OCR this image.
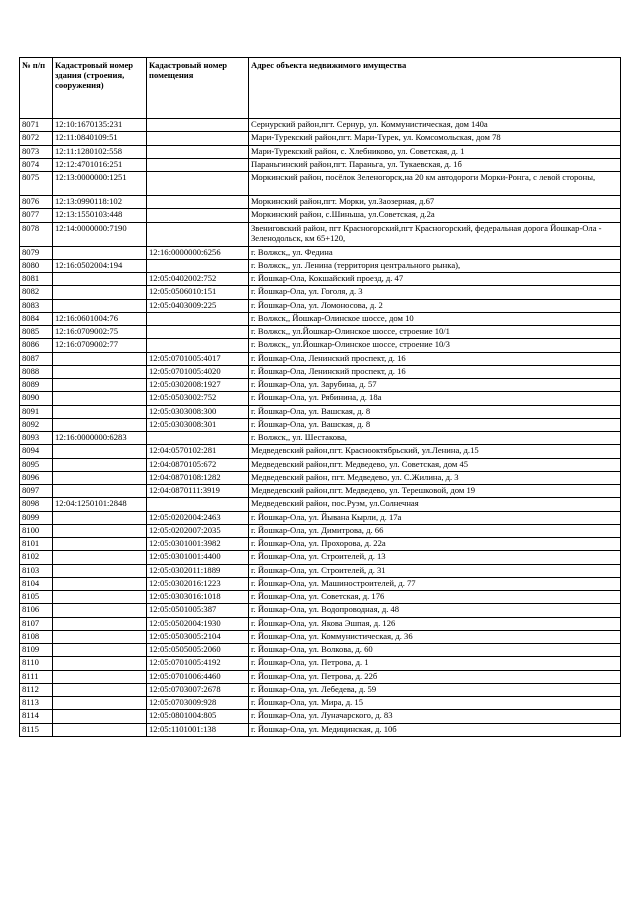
№ п/п	Кадастровый номер здания (строения, сооружения)	Кадастровый номер помещения	Адрес объекта недвижимого имущества
8071	12:10:1670135:231		Сернурский район,пгт. Сернур, ул. Коммунистическая, дом 140а
8072	12:11:0840109:51		Мари-Турекский район,пгт. Мари-Турек, ул. Комсомольская, дом 78
8073	12:11:1280102:558		Мари-Турекский район, с. Хлебниково, ул. Советская, д. 1
8074	12:12:4701016:251		Параньгинский район,пгт. Параньга, ул. Тукаевская, д. 1б
8075	12:13:0000000:1251		Моркинский район, посёлок Зеленогорск,на 20 км автодороги Морки-Ронга, с левой стороны,
8076	12:13:0990118:102		Моркинский район,пгт. Морки, ул.Заозерная, д.67
8077	12:13:1550103:448		Моркинский район, с.Шиньша, ул.Советская, д.2а
8078	12:14:0000000:7190		Звениговский район, пгт Красногорский,пгт Красногорский, федеральная дорога Йошкар-Ола - Зеленодольск, км 65+120,
8079		12:16:0000000:6256	г. Волжск,, ул. Федина
8080	12:16:0502004:194		г. Волжск,, ул. Ленина (территория центрального рынка),
8081		12:05:0402002:752	г. Йошкар-Ола, Кокшайский проезд, д. 47
8082		12:05:0506010:151	г. Йошкар-Ола, ул. Гоголя, д. 3
8083		12:05:0403009:225	г. Йошкар-Ола, ул. Ломоносова, д. 2
8084	12:16:0601004:76		г. Волжск,, Йошкар-Олинское шоссе, дом 10
8085	12:16:0709002:75		г. Волжск,, ул.Йошкар-Олинское шоссе, строение 10/1
8086	12:16:0709002:77		г. Волжск,, ул.Йошкар-Олинское шоссе, строение 10/3
8087		12:05:0701005:4017	г. Йошкар-Ола, Ленинский проспект, д. 16
8088		12:05:0701005:4020	г. Йошкар-Ола, Ленинский проспект, д. 16
8089		12:05:0302008:1927	г. Йошкар-Ола, ул. Зарубина, д. 57
8090		12:05:0503002:752	г. Йошкар-Ола, ул. Рябинина, д. 18а
8091		12:05:0303008:300	г. Йошкар-Ола, ул. Вашская, д. 8
8092		12:05:0303008:301	г. Йошкар-Ола, ул. Вашская, д. 8
8093	12:16:0000000:6283		г. Волжск,, ул. Шестакова,
8094		12:04:0570102:281	Медведевский район,пгт. Краснооктябрьский, ул.Ленина, д.15
8095		12:04:0870105:672	Медведевский район,пгт. Медведево, ул. Советская, дом 45
8096		12:04:0870108:1282	Медведевский район, пгт. Медведево, ул. С.Жилина, д. 3
8097		12:04:0870111:3919	Медведевский район,пгт. Медведево, ул. Терешковой, дом 19
8098	12:04:1250101:2848		Медведевский район, пос.Руэм, ул.Солнечная
8099		12:05:0202004:2463	г. Йошкар-Ола, ул. Йывана Кырли, д. 17а
8100		12:05:0202007:2035	г. Йошкар-Ола, ул. Димитрова, д. 66
8101		12:05:0301001:3982	г. Йошкар-Ола, ул. Прохорова, д. 22а
8102		12:05:0301001:4400	г. Йошкар-Ола, ул. Строителей, д. 13
8103		12:05:0302011:1889	г. Йошкар-Ола, ул. Строителей, д. 31
8104		12:05:0302016:1223	г. Йошкар-Ола, ул. Машиностроителей, д. 77
8105		12:05:0303016:1018	г. Йошкар-Ола, ул. Советская, д. 176
8106		12:05:0501005:387	г. Йошкар-Ола, ул. Водопроводная, д. 48
8107		12:05:0502004:1930	г. Йошкар-Ола, ул. Якова Эшпая, д. 126
8108		12:05:0503005:2104	г. Йошкар-Ола, ул. Коммунистическая, д. 36
8109		12:05:0505005:2060	г. Йошкар-Ола, ул. Волкова, д. 60
8110		12:05:0701005:4192	г. Йошкар-Ола, ул. Петрова, д. 1
8111		12:05:0701006:4460	г. Йошкар-Ола, ул. Петрова, д. 22б
8112		12:05:0703007:2678	г. Йошкар-Ола, ул. Лебедева, д. 59
8113		12:05:0703009:928	г. Йошкар-Ола, ул. Мира, д. 15
8114		12:05:0801004:805	г. Йошкар-Ола, ул. Луначарского, д. 83
8115		12:05:1101001:138	г. Йошкар-Ола, ул. Медицинская, д. 10б
